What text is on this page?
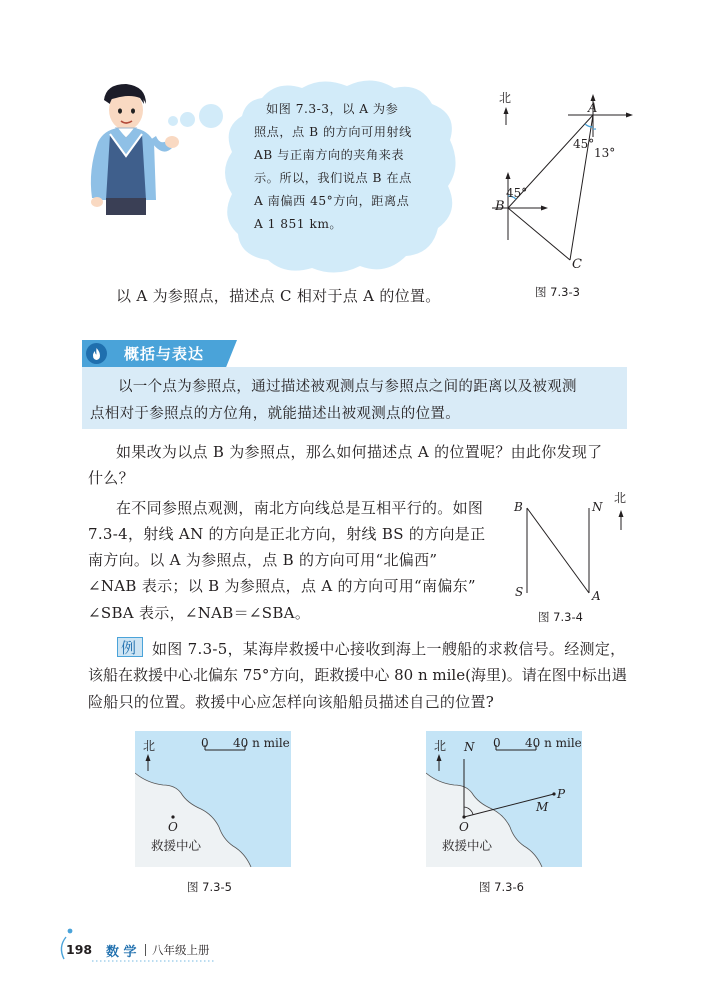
如图 7.3-3，以 A 为参
照点，点 B 的方向可用射线
AB 与正南方向的夹角来表
示。所以，我们说点 B 在点
A 南偏西 45°方向，距离点
A 1 851 km。
以 A 为参照点，描述点 C 相对于点 A 的位置。
北
A
45°
13°
45°
B
C
图 7.3-3
概括与表达
以一个点为参照点，通过描述被观测点与参照点之间的距离以及被观测
点相对于参照点的方位角，就能描述出被观测点的位置。
如果改为以点 B 为参照点，那么如何描述点 A 的位置呢？由此你发现了
什么？
在不同参照点观测，南北方向线总是互相平行的。如图
7.3-4，射线 AN 的方向是正北方向，射线 BS 的方向是正
南方向。以 A 为参照点，点 B 的方向可用“北偏西”
∠NAB 表示；以 B 为参照点，点 A 的方向可用“南偏东”
∠SBA 表示，∠NAB＝∠SBA。
北
B	N
S	A
图 7.3-4
例 如图 7.3-5，某海岸救援中心接收到海上一艘船的求救信号。经测定，
该船在救援中心北偏东 75°方向，距救援中心 80 n mile(海里)。请在图中标出遇
险船只的位置。救援中心应怎样向该船船员描述自己的位置?
北	0 40 n mile
O
救援中心
图 7.3-5
北 N 0 40 n mile
P
M
O
救援中心
图 7.3-6
198 数 学 八年级上册
